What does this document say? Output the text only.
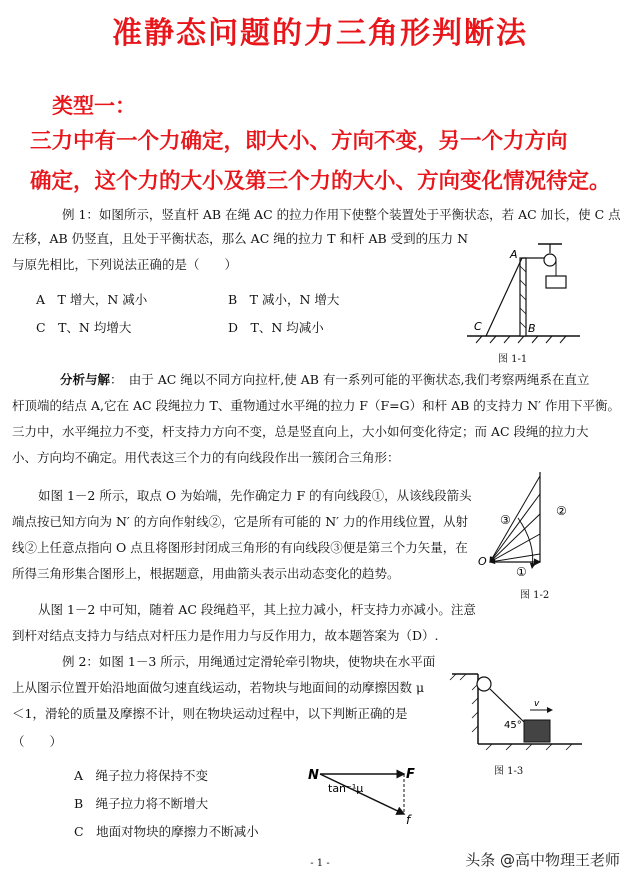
准静态问题的力三角形判断法
类型一：
三力中有一个力确定，即大小、方向不变，另一个力方向
确定，这个力的大小及第三个力的大小、方向变化情况待定。
例 1：如图所示，竖直杆 AB 在绳 AC 的拉力作用下使整个装置处于平衡状态，若 AC 加长，使 C 点
左移，AB 仍竖直，且处于平衡状态，那么 AC 绳的拉力 T 和杆 AB 受到的压力 N
与原先相比，下列说法正确的是（　　）
A　T 增大，N 减小	B　T 减小，N 增大
C　T、N 均增大	D　T、N 均减小
A
B
C
图 1-1
分析与解：　由于 AC 绳以不同方向拉杆,使 AB 有一系列可能的平衡状态,我们考察两绳系在直立
杆顶端的结点 A,它在 AC 段绳拉力 T、重物通过水平绳的拉力 F（F=G）和杆 AB 的支持力 N′ 作用下平衡。
三力中，水平绳拉力不变，杆支持力方向不变，总是竖直向上，大小如何变化待定；而 AC 段绳的拉力大
小、方向均不确定。用代表这三个力的有向线段作出一簇闭合三角形：
如图 1－2 所示，取点 O 为始端，先作确定力 F 的有向线段①，从该线段箭头
端点按已知方向为 N′ 的方向作射线②，它是所有可能的 N′ 力的作用线位置，从射
线②上任意点指向 O 点且将图形封闭成三角形的有向线段③便是第三个力矢量，在
所得三角形集合图形上，根据题意，用曲箭头表示出动态变化的趋势。
O
①
②
③
图 1-2
从图 1－2 中可知，随着 AC 段绳趋平，其上拉力减小，杆支持力亦减小。注意
到杆对结点支持力与结点对杆压力是作用力与反作用力，故本题答案为（D）.
例 2：如图 1－3 所示，用绳通过定滑轮牵引物块，使物块在水平面
上从图示位置开始沿地面做匀速直线运动，若物块与地面间的动摩擦因数 μ
＜1，滑轮的质量及摩擦不计，则在物块运动过程中，以下判断正确的是
（　　）
v
45°
图 1-3
A　绳子拉力将保持不变
B　绳子拉力将不断增大
C　地面对物块的摩擦力不断减小
N	F
f
tan⁻¹μ
- 1 -	头条 @高中物理王老师
